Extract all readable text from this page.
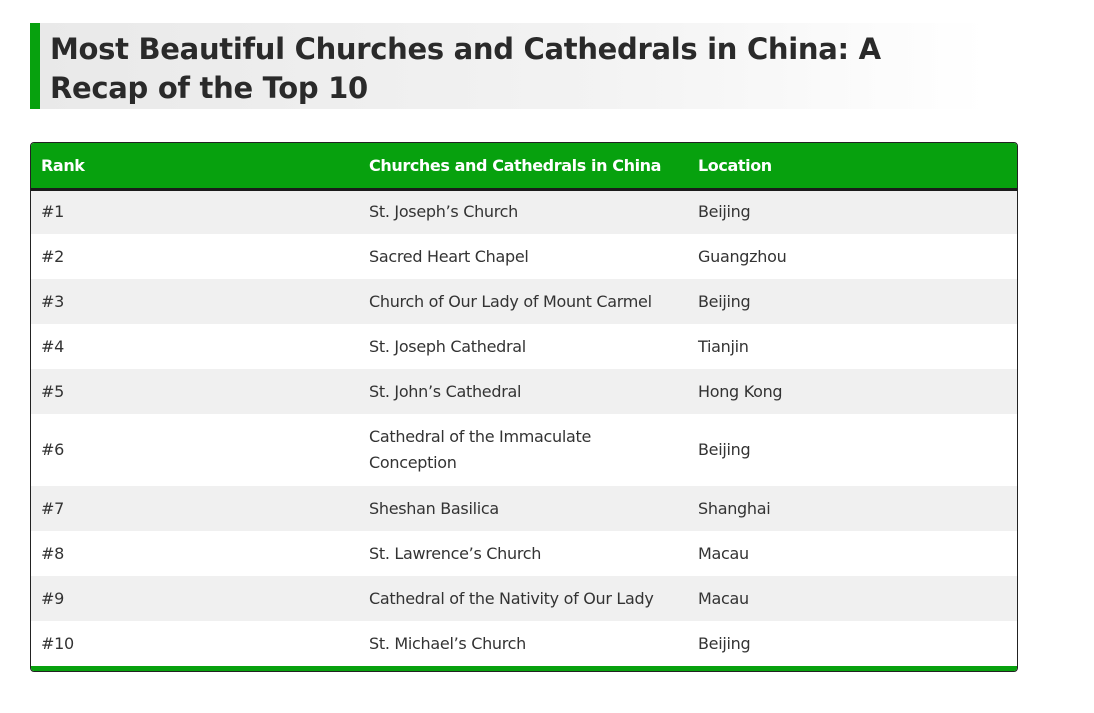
Most Beautiful Churches and Cathedrals in China: A Recap of the Top 10
Rank	Churches and Cathedrals in China	Location
#1	St. Joseph’s Church	Beijing
#2	Sacred Heart Chapel	Guangzhou
#3	Church of Our Lady of Mount Carmel	Beijing
#4	St. Joseph Cathedral	Tianjin
#5	St. John’s Cathedral	Hong Kong
#6	Cathedral of the Immaculate Conception	Beijing
#7	Sheshan Basilica	Shanghai
#8	St. Lawrence’s Church	Macau
#9	Cathedral of the Nativity of Our Lady	Macau
#10	St. Michael’s Church	Beijing
